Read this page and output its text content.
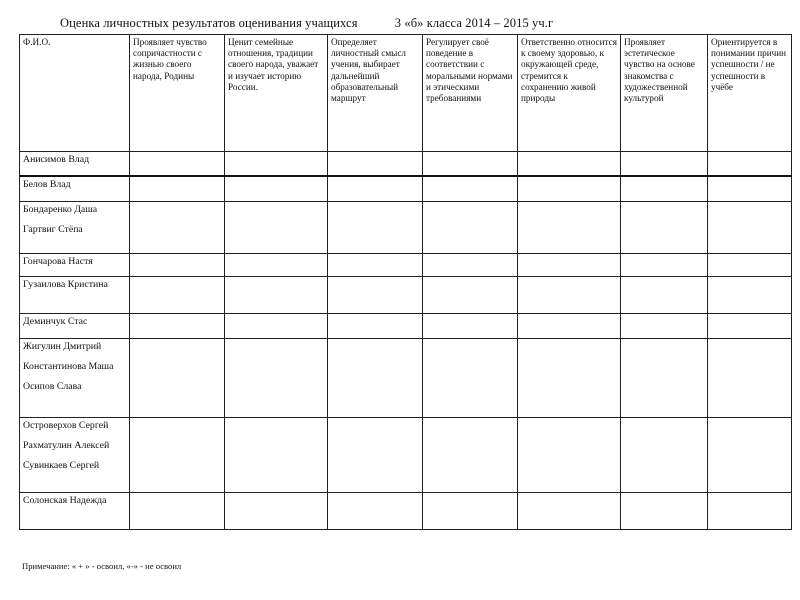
Оценка личностных результатов оценивания учащихся	3 «б» класса 2014 – 2015 уч.г
Ф.И.О.	Проявляет чувство сопричастности с жизнью своего народа, Родины	Ценит семейные отношения, традиции своего народа, уважает и изучает историю России.	Определяет личностный смысл учения, выбирает дальнейший образовательный маршрут	Регулирует своё поведение в соответствии с моральными нормами и этическими требованиями	Ответственно относится к своему здоровью, к окружающей среде, стремится к сохранению живой природы	Проявляет эстетическое чувство на основе знакомства с художественной культурой	Ориентируется в понимании причин успешности / не успешности в учёбе

Анисимов Влад							

Белов Влад							

Бондаренко Даша
Гартвиг Стёпа							

Гончарова Настя							

Гузаилова Кристина							

Деминчук Стас							

Жигулин Дмитрий
Константинова Маша
Осипов Слава							

Островерхов Сергей
Рахматулин Алексей
Сувинкаев Сергей							

Солонская Надежда							

Примечание: « + » - освоил, «-» - не освоил
